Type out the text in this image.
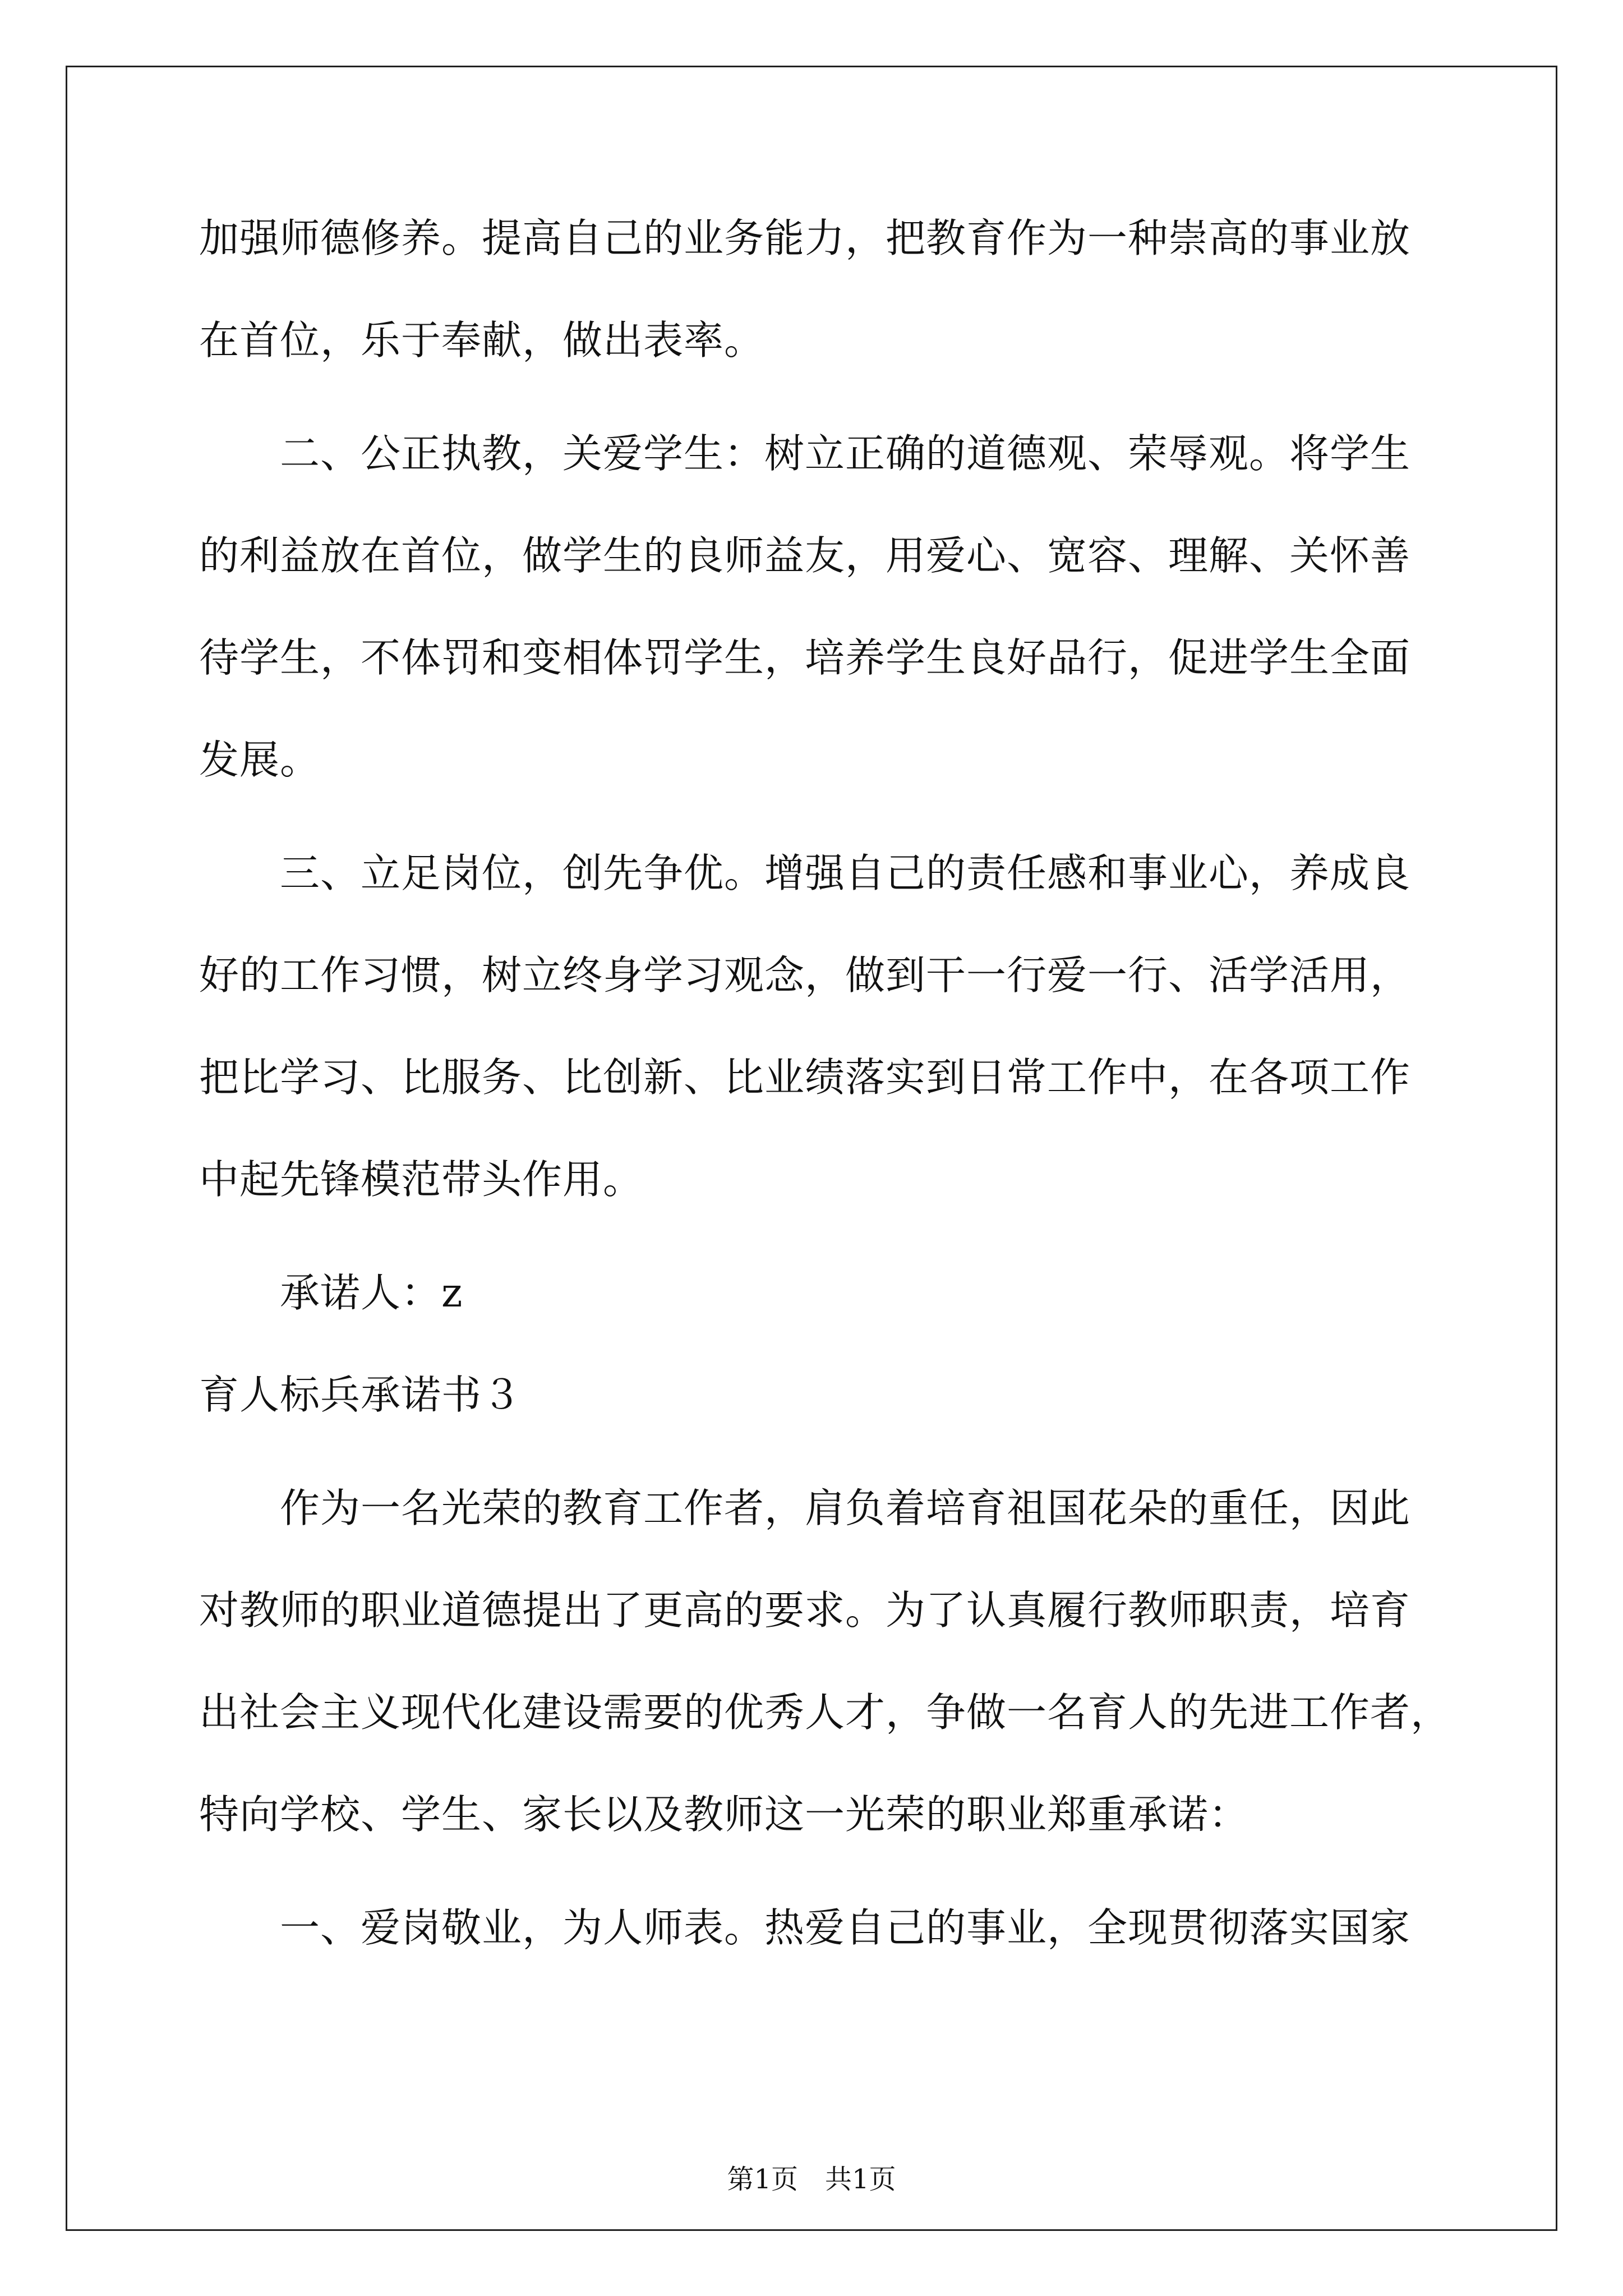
加强师德修养。提高自己的业务能力，把教育作为一种崇高的事业放
在首位，乐于奉献，做出表率。
二、公正执教，关爱学生：树立正确的道德观、荣辱观。将学生
的利益放在首位，做学生的良师益友，用爱心、宽容、理解、关怀善
待学生，不体罚和变相体罚学生，培养学生良好品行，促进学生全面
发展。
三、立足岗位，创先争优。增强自己的责任感和事业心，养成良
好的工作习惯，树立终身学习观念，做到干一行爱一行、活学活用，
把比学习、比服务、比创新、比业绩落实到日常工作中，在各项工作
中起先锋模范带头作用。
承诺人：z
育人标兵承诺书３
作为一名光荣的教育工作者，肩负着培育祖国花朵的重任，因此
对教师的职业道德提出了更高的要求。为了认真履行教师职责，培育
出社会主义现代化建设需要的优秀人才，争做一名育人的先进工作者，
特向学校、学生、家长以及教师这一光荣的职业郑重承诺：
一、爱岗敬业，为人师表。热爱自己的事业，全现贯彻落实国家
第1页　共1页
